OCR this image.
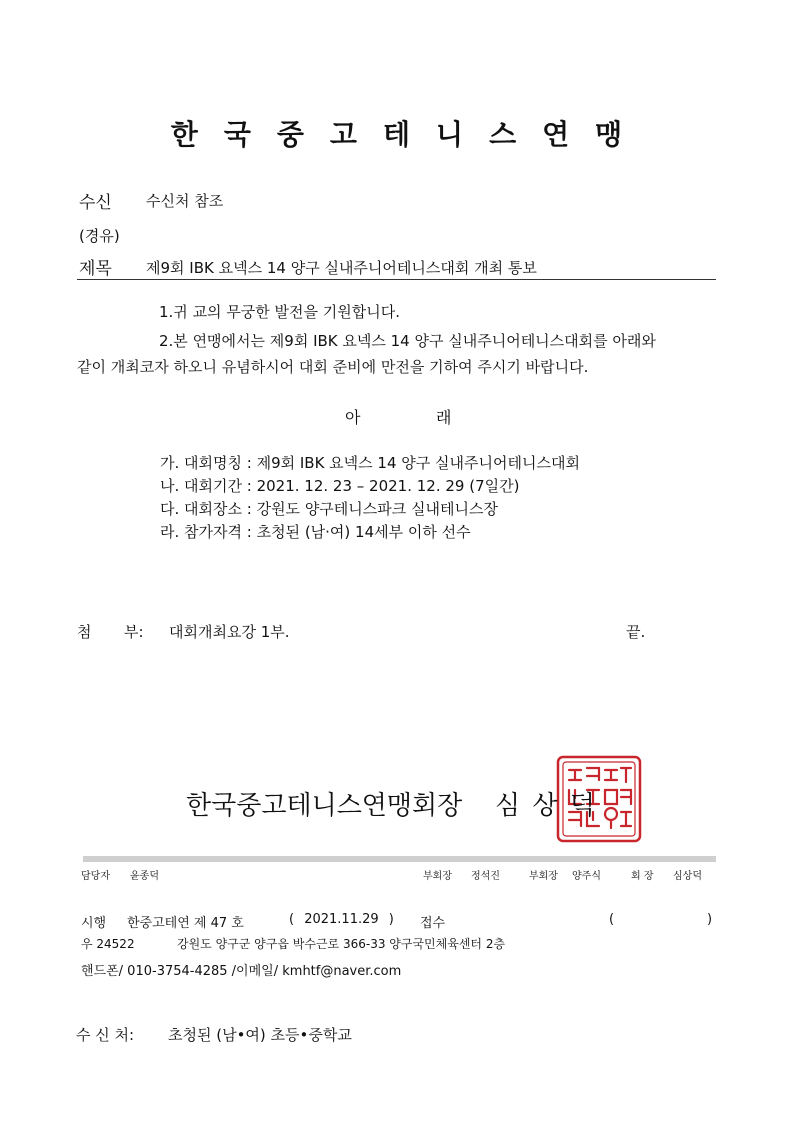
한국중고테니스연맹
수신 수신처 참조
(경유)
제목 제9회 IBK 요넥스 14 양구 실내주니어테니스대회 개최 통보
1.귀 교의 무궁한 발전을 기원합니다.
2.본 연맹에서는 제9회 IBK 요넥스 14 양구 실내주니어테니스대회를 아래와
같이 개최코자 하오니 유념하시어 대회 준비에 만전을 기하여 주시기 바랍니다.
아	래
가. 대회명칭 : 제9회 IBK 요넥스 14 양구 실내주니어테니스대회
나. 대회기간 : 2021. 12. 23 – 2021. 12. 29 (7일간)
다. 대회장소 : 강원도 양구테니스파크 실내테니스장
라. 참가자격 : 초청된 (남·여) 14세부 이하 선수
첨 부: 대회개최요강 1부.	끝.
한국중고테니스연맹회장 심 상 덕
담당자 윤종덕	부회장 정석진	부회장 양주식	회 장 심상덕
시행 한중고테연 제 47 호	( 2021.11.29 ) 접수	(	)
우 24522	강원도 양구군 양구읍 박수근로 366-33 양구국민체육센터 2층
핸드폰/ 010-3754-4285 /이메일/ kmhtf@naver.com
수 신 처: 초청된 (남•여) 초등•중학교
